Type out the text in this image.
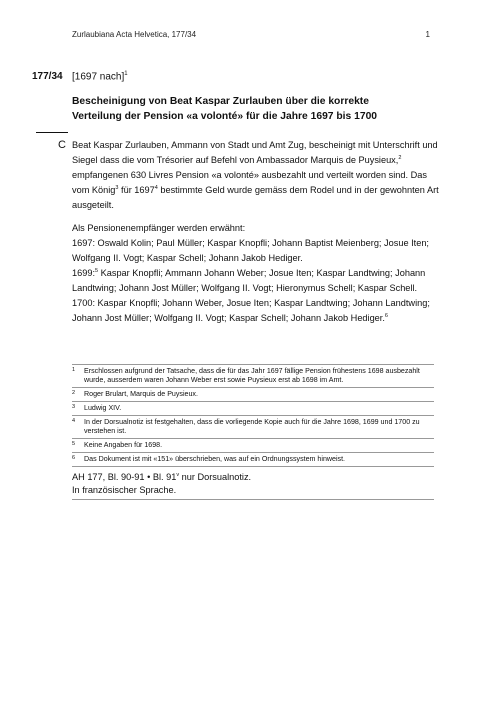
Zurlaubiana Acta Helvetica, 177/34	1
177/34 [1697 nach]$^1$
Bescheinigung von Beat Kaspar Zurlauben über die korrekte
Verteilung der Pension «a volonté» für die Jahre 1697 bis 1700
C Beat Kaspar Zurlauben, Ammann von Stadt und Amt Zug, bescheinigt mit Unterschrift und Siegel dass die vom Trésorier auf Befehl von Ambassador Marquis de Puysieux,$^2$ empfangenen 630 Livres Pension «a volonté» ausbezahlt und verteilt worden sind. Das vom König$^3$ für 1697$^4$ bestimmte Geld wurde gemäss dem Rodel und in der gewohnten Art ausgeteilt.

Als Pensionenempfänger werden erwähnt:
1697: Oswald Kolin; Paul Müller; Kaspar Knopfli; Johann Baptist Meienberg; Josue Iten; Wolfgang II. Vogt; Kaspar Schell; Johann Jakob Hediger.
1699:$^5$ Kaspar Knopfli; Ammann Johann Weber; Josue Iten; Kaspar Landtwing; Johann Landtwing; Johann Jost Müller; Wolfgang II. Vogt; Hieronymus Schell; Kaspar Schell.
1700: Kaspar Knopfli; Johann Weber, Josue Iten; Kaspar Landtwing; Johann Landtwing; Johann Jost Müller; Wolfgang II. Vogt; Kaspar Schell; Johann Jakob Hediger.$^6$
1	Erschlossen aufgrund der Tatsache, dass die für das Jahr 1697 fällige Pension frühestens 1698 ausbezahlt wurde, ausserdem waren Johann Weber erst sowie Puysieux erst ab 1698 im Amt.
2	Roger Brulart, Marquis de Puysieux.
3	Ludwig XIV.
4	In der Dorsualnotiz ist festgehalten, dass die vorliegende Kopie auch für die Jahre 1698, 1699 und 1700 zu verstehen ist.
5	Keine Angaben für 1698.
6	Das Dokument ist mit «151» überschrieben, was auf ein Ordnungssystem hinweist.
AH 177, Bl. 90-91 • Bl. 91$^v$ nur Dorsualnotiz.
In französischer Sprache.
